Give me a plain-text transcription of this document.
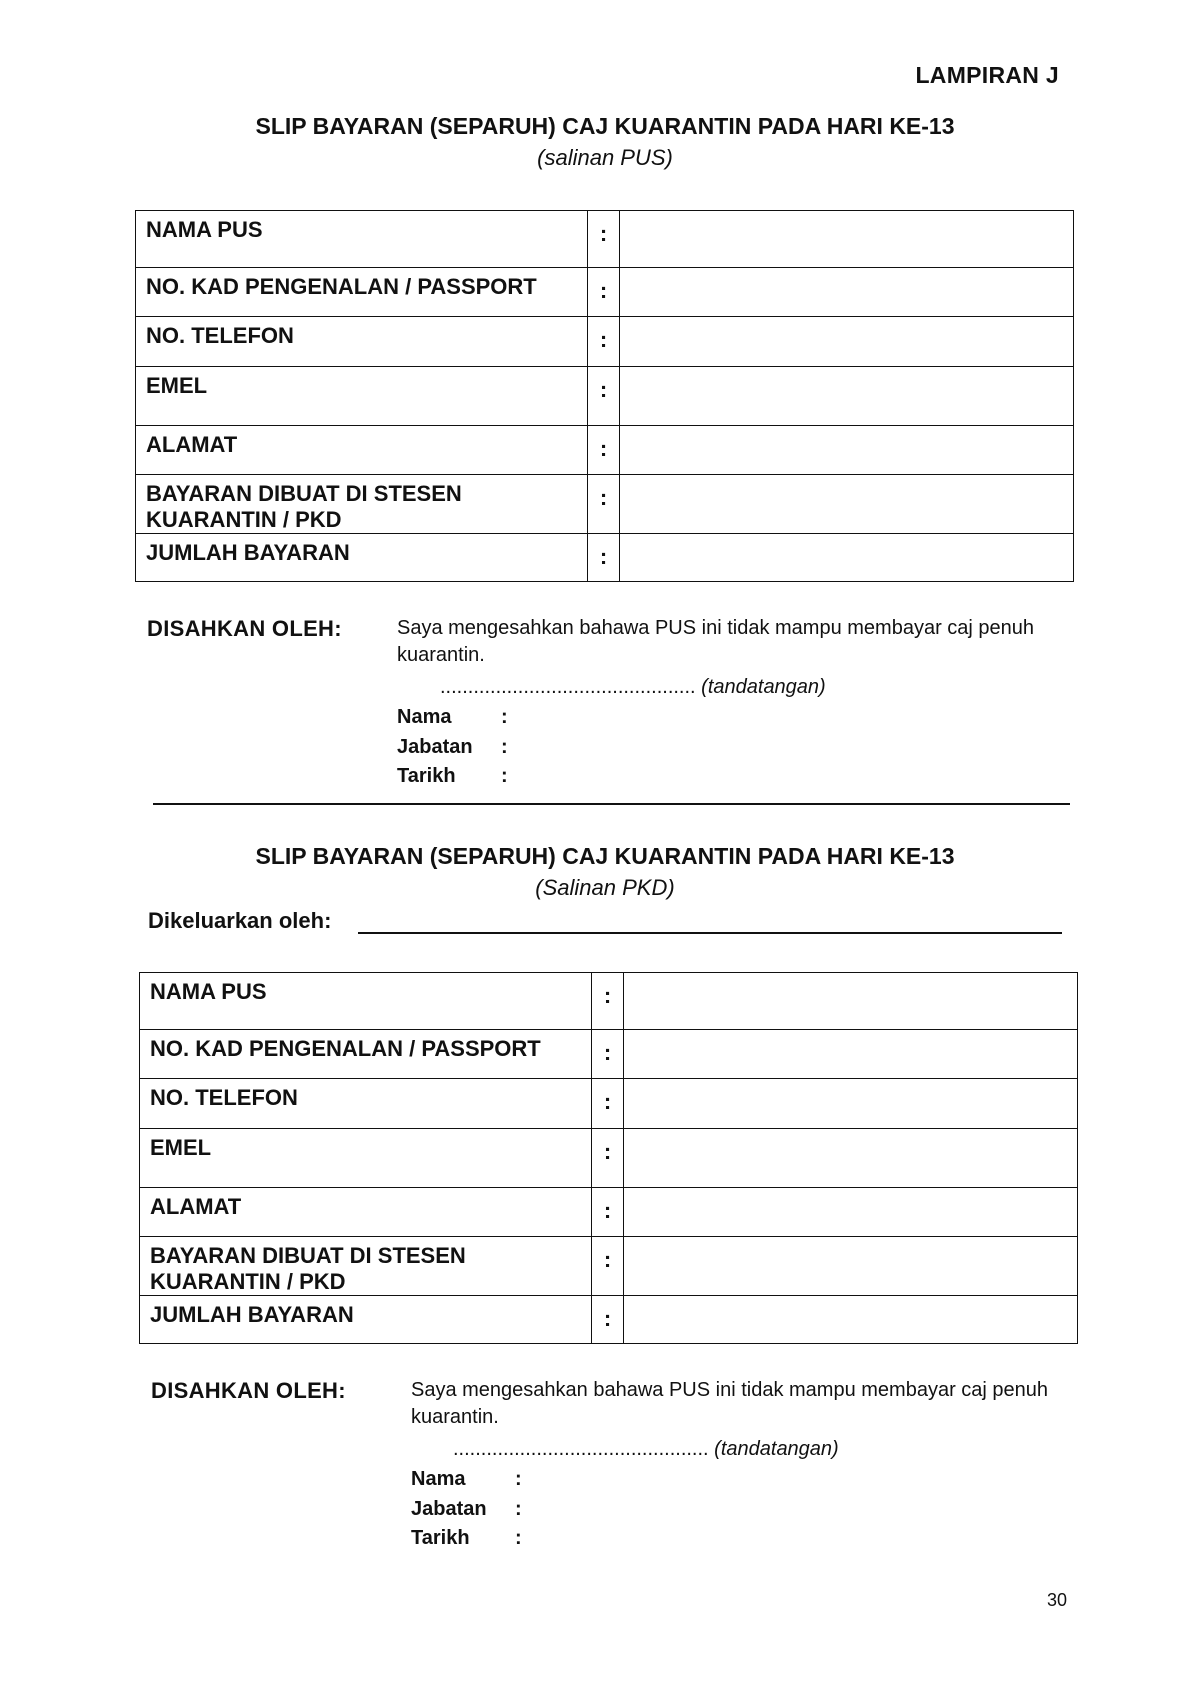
LAMPIRAN J
SLIP BAYARAN (SEPARUH) CAJ KUARANTIN PADA HARI KE-13
(salinan PUS)
NAMA PUS	:	
NO. KAD PENGENALAN / PASSPORT	:	
NO. TELEFON	:	
EMEL	:	
ALAMAT	:	
BAYARAN DIBUAT DI STESEN KUARANTIN / PKD	:	
JUMLAH BAYARAN	:	
DISAHKAN OLEH:	Saya mengesahkan bahawa PUS ini tidak mampu membayar caj penuh kuarantin.
.............................................. (tandatangan)
Nama :
Jabatan :
Tarikh :
SLIP BAYARAN (SEPARUH) CAJ KUARANTIN PADA HARI KE-13
(Salinan PKD)
Dikeluarkan oleh:
NAMA PUS	:	
NO. KAD PENGENALAN / PASSPORT	:	
NO. TELEFON	:	
EMEL	:	
ALAMAT	:	
BAYARAN DIBUAT DI STESEN KUARANTIN / PKD	:	
JUMLAH BAYARAN	:	
DISAHKAN OLEH:	Saya mengesahkan bahawa PUS ini tidak mampu membayar caj penuh kuarantin.
.............................................. (tandatangan)
Nama :
Jabatan :
Tarikh :
30
